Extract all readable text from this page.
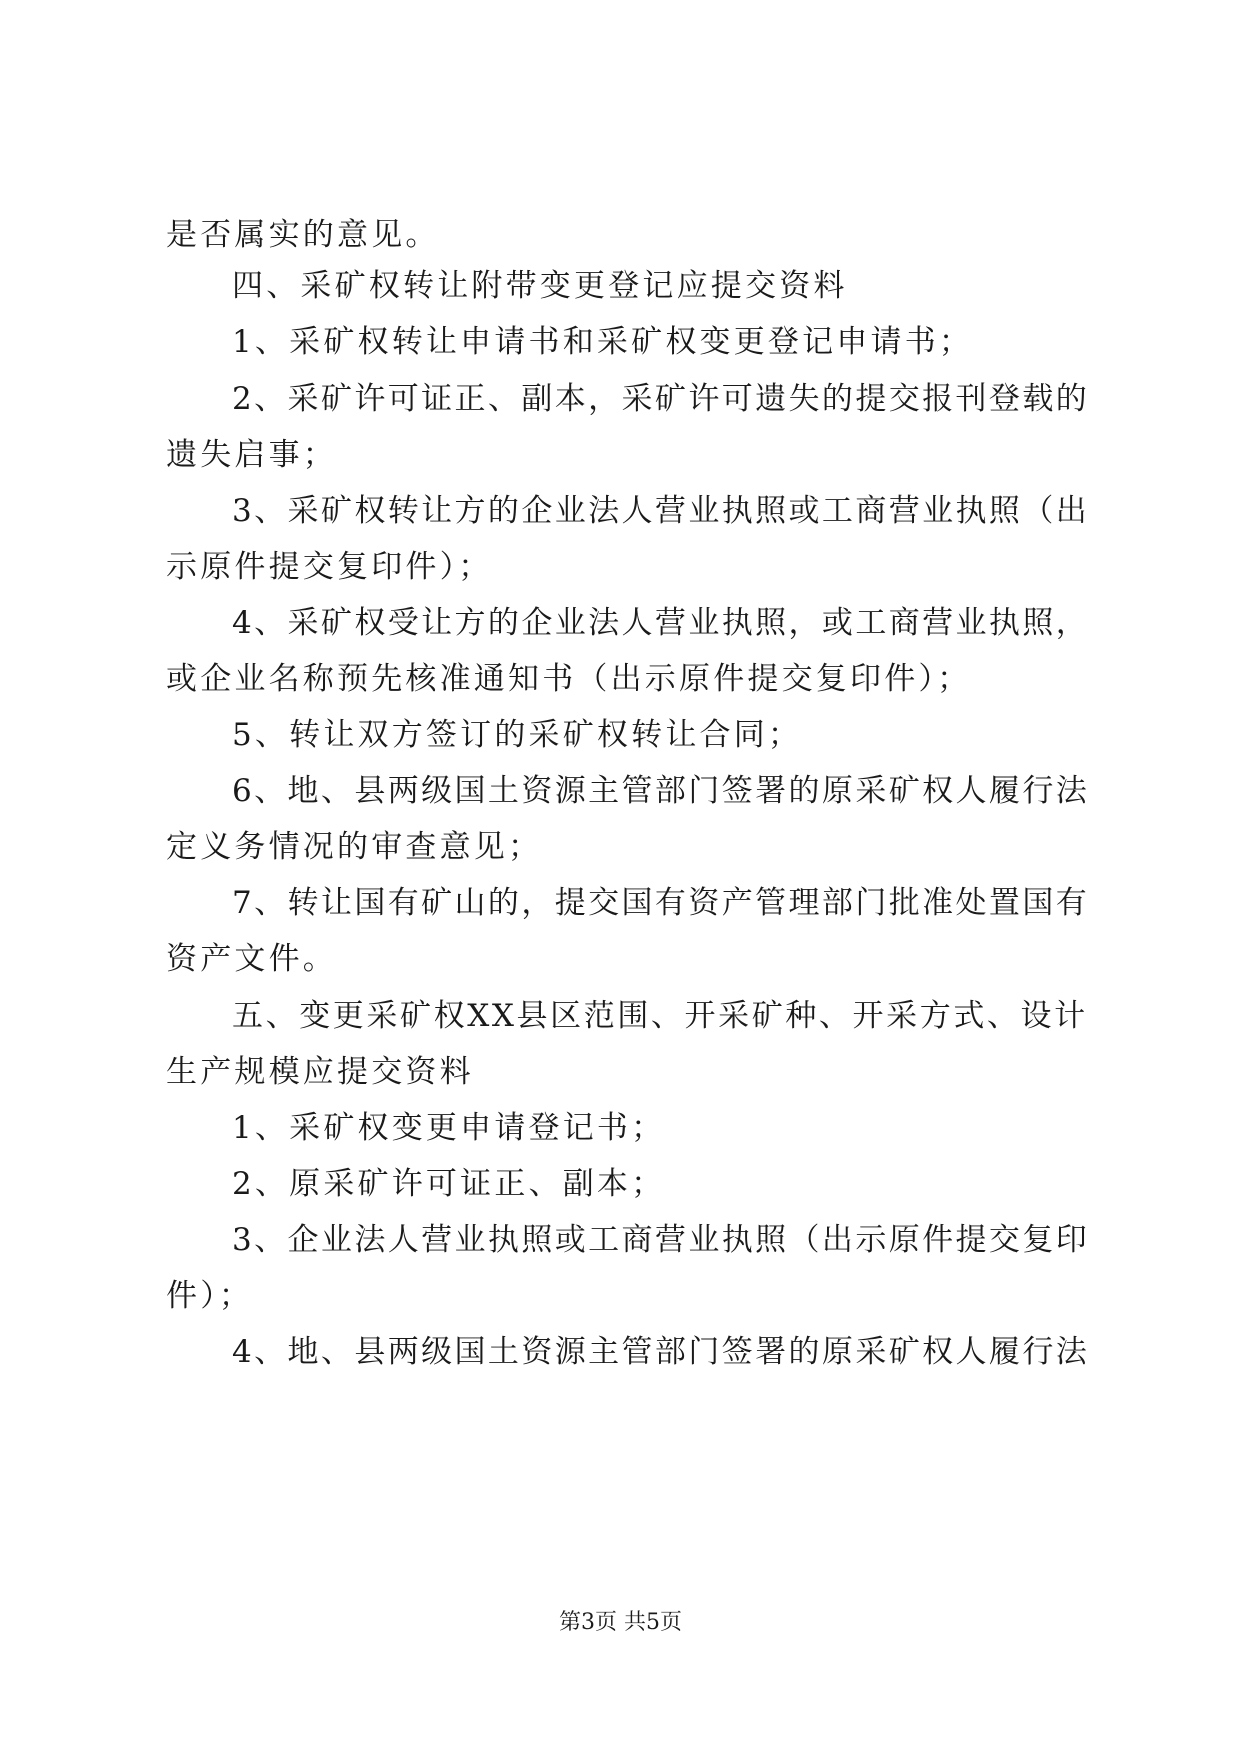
是否属实的意见。
四、采矿权转让附带变更登记应提交资料
1、采矿权转让申请书和采矿权变更登记申请书；
2、采矿许可证正、副本，采矿许可遗失的提交报刊登载的
遗失启事；
3、采矿权转让方的企业法人营业执照或工商营业执照（出
示原件提交复印件）；
4、采矿权受让方的企业法人营业执照，或工商营业执照，
或企业名称预先核准通知书（出示原件提交复印件）；
5、转让双方签订的采矿权转让合同；
6、地、县两级国土资源主管部门签署的原采矿权人履行法
定义务情况的审查意见；
7、转让国有矿山的，提交国有资产管理部门批准处置国有
资产文件。
五、变更采矿权XX县区范围、开采矿种、开采方式、设计
生产规模应提交资料
1、采矿权变更申请登记书；
2、原采矿许可证正、副本；
3、企业法人营业执照或工商营业执照（出示原件提交复印
件）；
4、地、县两级国土资源主管部门签署的原采矿权人履行法
第3页 共5页
